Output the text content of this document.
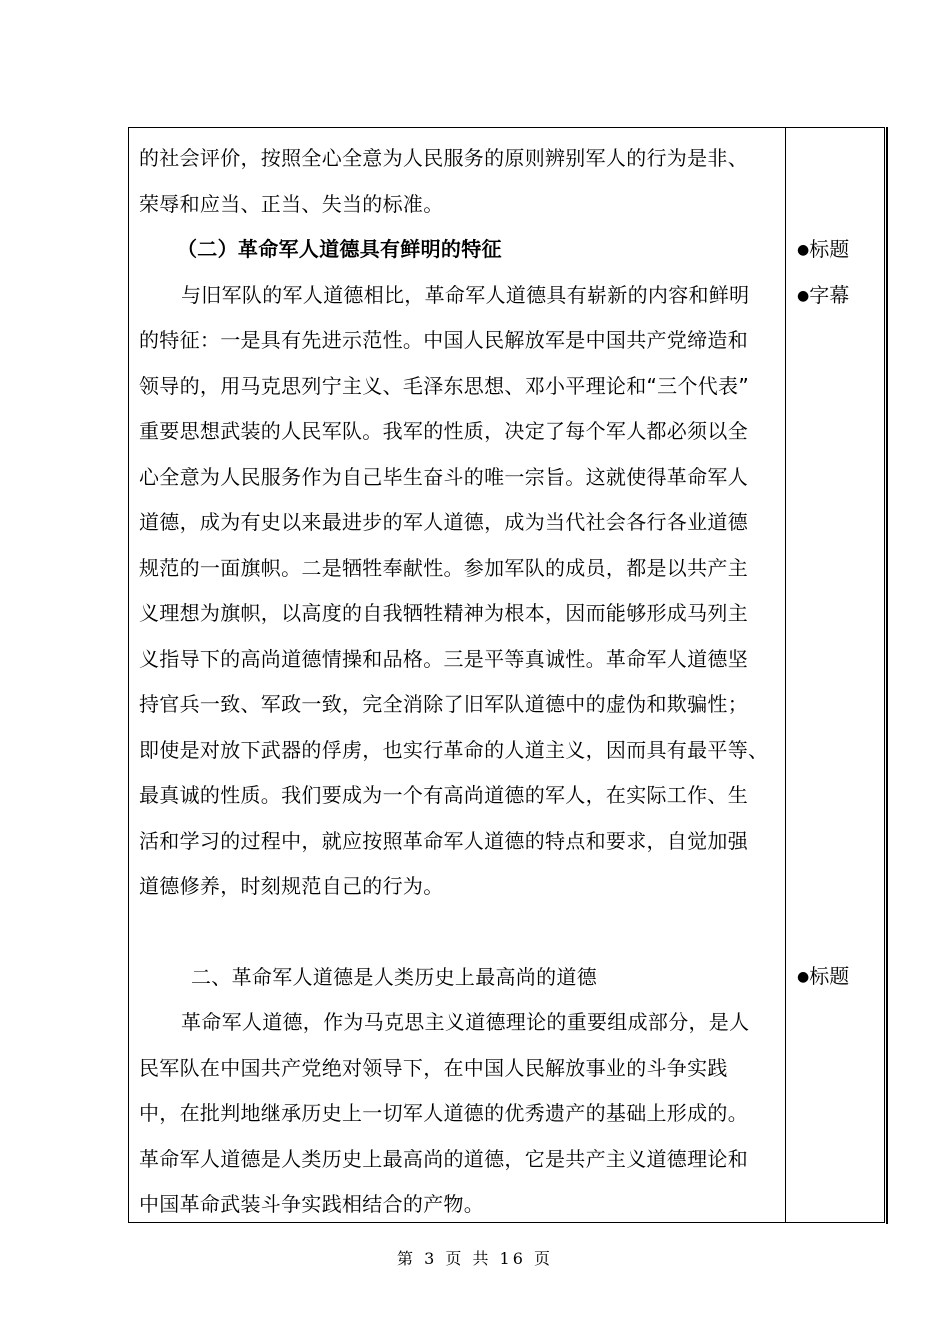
的社会评价，按照全心全意为人民服务的原则辨别军人的行为是非、
荣辱和应当、正当、失当的标准。
（二）革命军人道德具有鲜明的特征
与旧军队的军人道德相比，革命军人道德具有崭新的内容和鲜明
的特征：一是具有先进示范性。中国人民解放军是中国共产党缔造和
领导的，用马克思列宁主义、毛泽东思想、邓小平理论和“三个代表”
重要思想武装的人民军队。我军的性质，决定了每个军人都必须以全
心全意为人民服务作为自己毕生奋斗的唯一宗旨。这就使得革命军人
道德，成为有史以来最进步的军人道德，成为当代社会各行各业道德
规范的一面旗帜。二是牺牲奉献性。参加军队的成员，都是以共产主
义理想为旗帜，以高度的自我牺牲精神为根本，因而能够形成马列主
义指导下的高尚道德情操和品格。三是平等真诚性。革命军人道德坚
持官兵一致、军政一致，完全消除了旧军队道德中的虚伪和欺骗性；
即使是对放下武器的俘虏，也实行革命的人道主义，因而具有最平等、
最真诚的性质。我们要成为一个有高尚道德的军人，在实际工作、生
活和学习的过程中，就应按照革命军人道德的特点和要求，自觉加强
道德修养，时刻规范自己的行为。
二、革命军人道德是人类历史上最高尚的道德
革命军人道德，作为马克思主义道德理论的重要组成部分，是人
民军队在中国共产党绝对领导下，在中国人民解放事业的斗争实践
中，在批判地继承历史上一切军人道德的优秀遗产的基础上形成的。
革命军人道德是人类历史上最高尚的道德，它是共产主义道德理论和
中国革命武装斗争实践相结合的产物。
●标题
●字幕
●标题
第 3 页 共 16 页
